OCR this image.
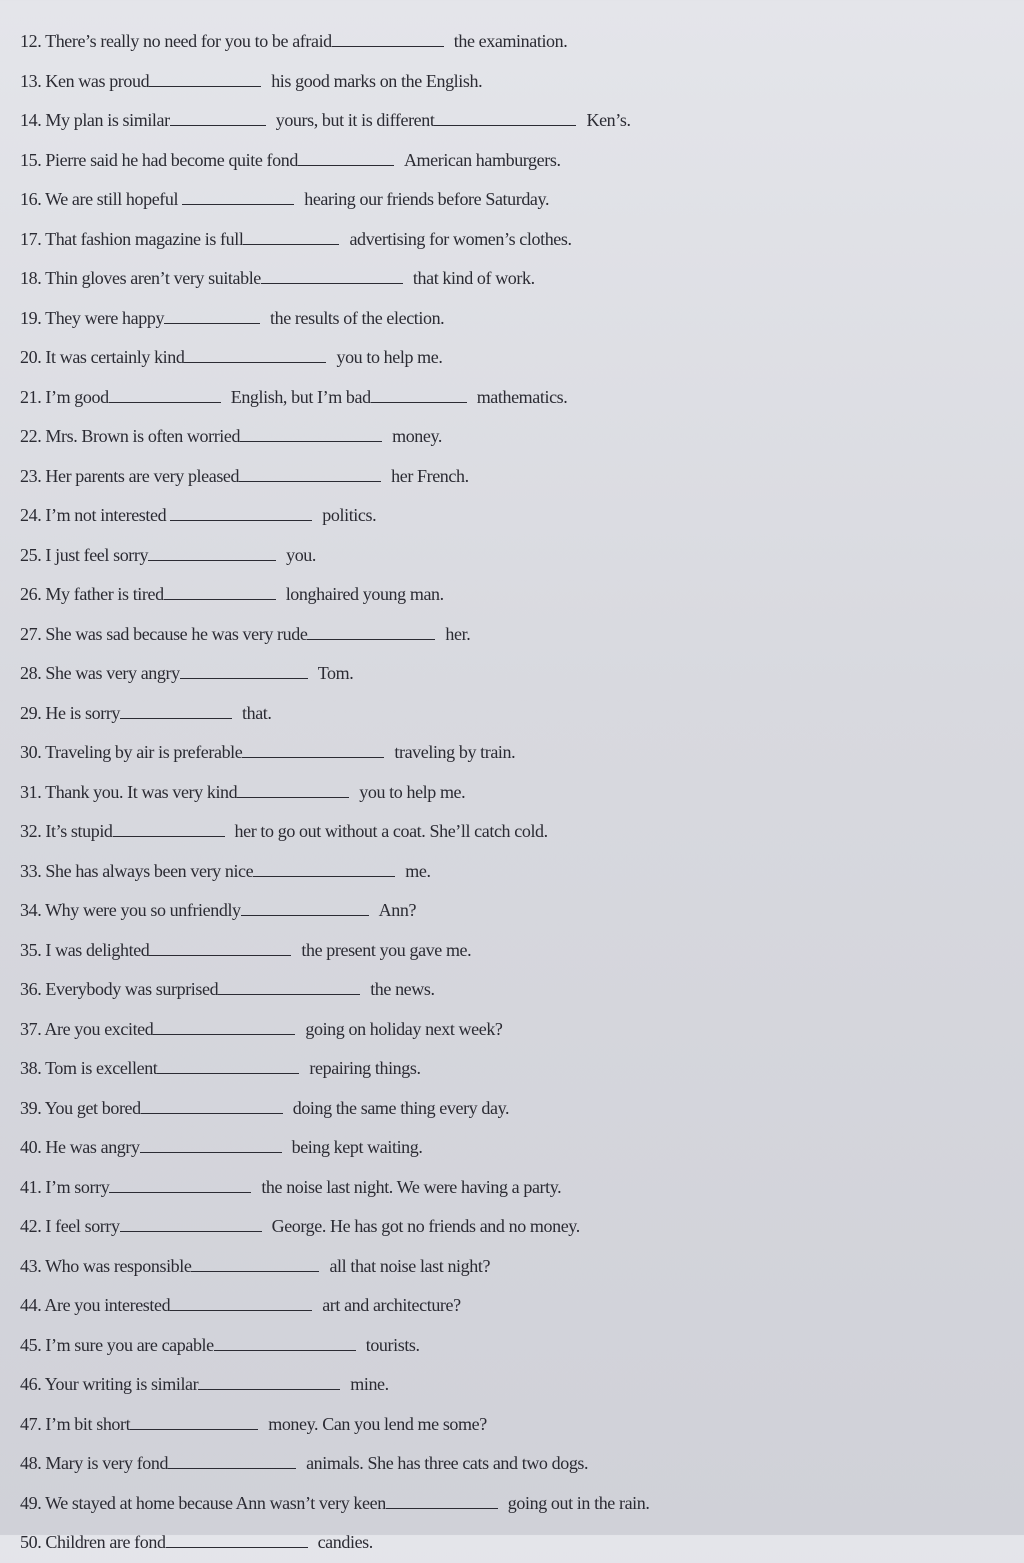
12. There’s really no need for you to be afraid	the examination.
13. Ken was proud	his good marks on the English.
14. My plan is similar	yours, but it is different	Ken’s.
15. Pierre said he had become quite fond	American hamburgers.
16. We are still hopeful	hearing our friends before Saturday.
17. That fashion magazine is full	advertising for women’s clothes.
18. Thin gloves aren’t very suitable	that kind of work.
19. They were happy	the results of the election.
20. It was certainly kind	you to help me.
21. I’m good	English, but I’m bad	mathematics.
22. Mrs. Brown is often worried	money.
23. Her parents are very pleased	her French.
24. I’m not interested	politics.
25. I just feel sorry	you.
26. My father is tired	longhaired young man.
27. She was sad because he was very rude	her.
28. She was very angry	Tom.
29. He is sorry	that.
30. Traveling by air is preferable	traveling by train.
31. Thank you. It was very kind	you to help me.
32. It’s stupid	her to go out without a coat. She’ll catch cold.
33. She has always been very nice	me.
34. Why were you so unfriendly	Ann?
35. I was delighted	the present you gave me.
36. Everybody was surprised	the news.
37. Are you excited	going on holiday next week?
38. Tom is excellent	repairing things.
39. You get bored	doing the same thing every day.
40. He was angry	being kept waiting.
41. I’m sorry	the noise last night. We were having a party.
42. I feel sorry	George. He has got no friends and no money.
43. Who was responsible	all that noise last night?
44. Are you interested	art and architecture?
45. I’m sure you are capable	tourists.
46. Your writing is similar	mine.
47. I’m bit short	money. Can you lend me some?
48. Mary is very fond	animals. She has three cats and two dogs.
49. We stayed at home because Ann wasn’t very keen	going out in the rain.
50. Children are fond	candies.
